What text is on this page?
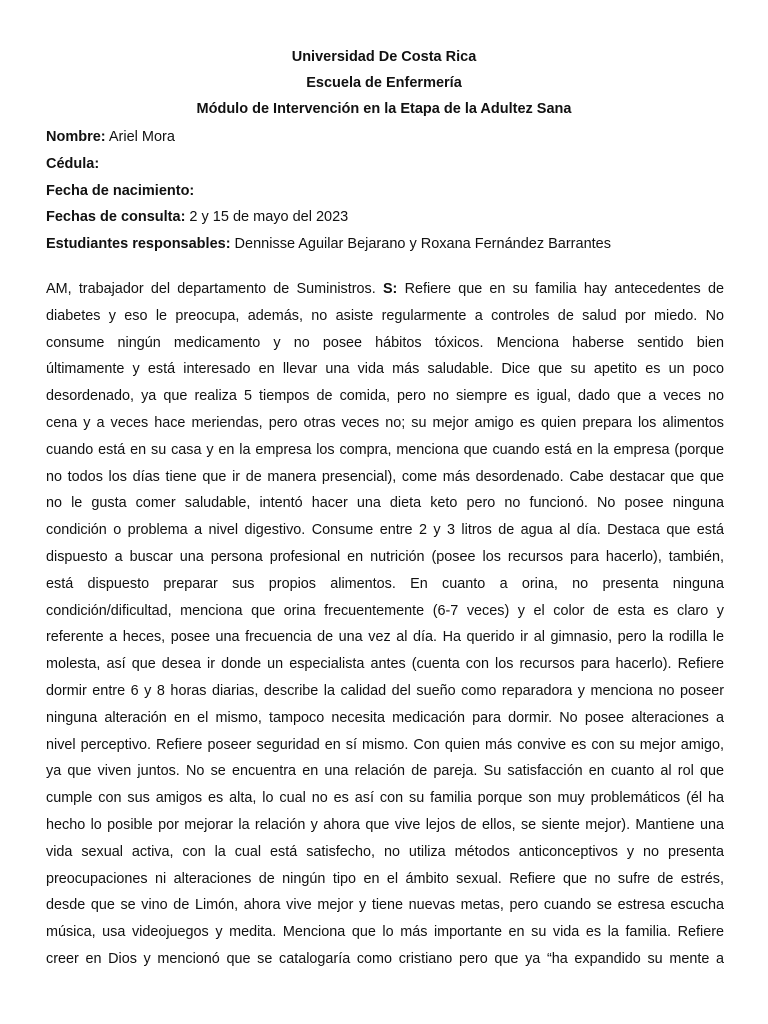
Universidad De Costa Rica
Escuela de Enfermería
Módulo de Intervención en la Etapa de la Adultez Sana
Nombre: Ariel Mora
Cédula:
Fecha de nacimiento:
Fechas de consulta: 2 y 15 de mayo del 2023
Estudiantes responsables: Dennisse Aguilar Bejarano y Roxana Fernández Barrantes
AM, trabajador del departamento de Suministros. S: Refiere que en su familia hay antecedentes de
diabetes y eso le preocupa, además, no asiste regularmente a controles de salud por miedo. No
consume ningún medicamento y no posee hábitos tóxicos. Menciona haberse sentido bien
últimamente y está interesado en llevar una vida más saludable. Dice que su apetito es un poco
desordenado, ya que realiza 5 tiempos de comida, pero no siempre es igual, dado que a veces no
cena y a veces hace meriendas, pero otras veces no; su mejor amigo es quien prepara los alimentos
cuando está en su casa y en la empresa los compra, menciona que cuando está en la empresa (porque
no todos los días tiene que ir de manera presencial), come más desordenado. Cabe destacar que que
no le gusta comer saludable, intentó hacer una dieta keto pero no funcionó. No posee ninguna
condición o problema a nivel digestivo. Consume entre 2 y 3 litros de agua al día. Destaca que está
dispuesto a buscar una persona profesional en nutrición (posee los recursos para hacerlo), también,
está dispuesto preparar sus propios alimentos. En cuanto a orina, no presenta ninguna
condición/dificultad, menciona que orina frecuentemente (6-7 veces) y el color de esta es claro y
referente a heces, posee una frecuencia de una vez al día. Ha querido ir al gimnasio, pero la rodilla le
molesta, así que desea ir donde un especialista antes (cuenta con los recursos para hacerlo). Refiere
dormir entre 6 y 8 horas diarias, describe la calidad del sueño como reparadora y menciona no poseer
ninguna alteración en el mismo, tampoco necesita medicación para dormir. No posee alteraciones a
nivel perceptivo. Refiere poseer seguridad en sí mismo. Con quien más convive es con su mejor amigo,
ya que viven juntos. No se encuentra en una relación de pareja. Su satisfacción en cuanto al rol que
cumple con sus amigos es alta, lo cual no es así con su familia porque son muy problemáticos (él ha
hecho lo posible por mejorar la relación y ahora que vive lejos de ellos, se siente mejor). Mantiene una
vida sexual activa, con la cual está satisfecho, no utiliza métodos anticonceptivos y no presenta
preocupaciones ni alteraciones de ningún tipo en el ámbito sexual. Refiere que no sufre de estrés,
desde que se vino de Limón, ahora vive mejor y tiene nuevas metas, pero cuando se estresa escucha
música, usa videojuegos y medita. Menciona que lo más importante en su vida es la familia. Refiere
creer en Dios y mencionó que se catalogaría como cristiano pero que ya “ha expandido su mente a
